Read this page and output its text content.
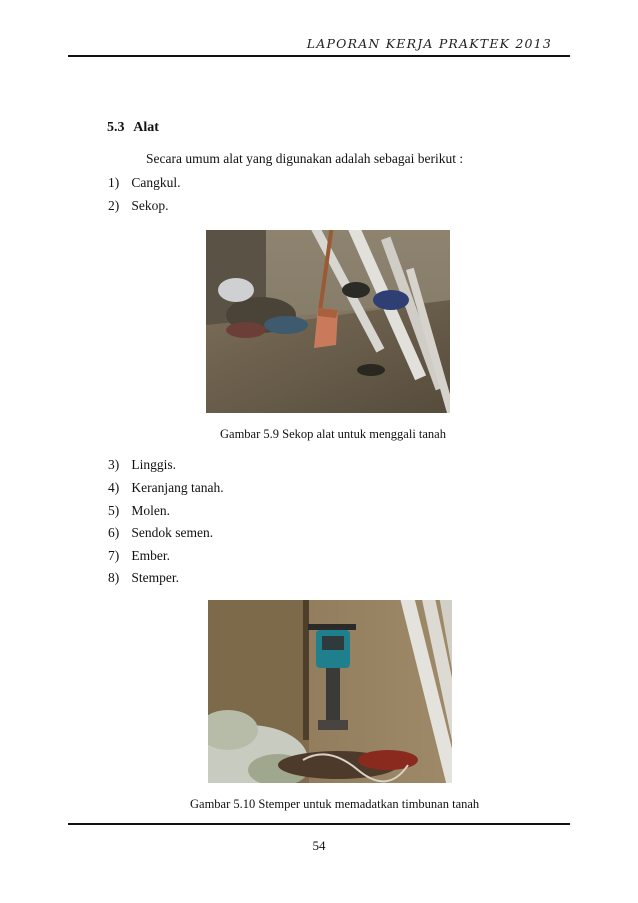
LAPORAN KERJA PRAKTEK 2013
5.3 Alat
Secara umum alat yang digunakan adalah sebagai berikut :
1) Cangkul.
2) Sekop.
Gambar 5.9 Sekop alat untuk menggali tanah
3) Linggis.
4) Keranjang tanah.
5) Molen.
6) Sendok semen.
7) Ember.
8) Stemper.
Gambar 5.10 Stemper untuk memadatkan timbunan tanah
54
